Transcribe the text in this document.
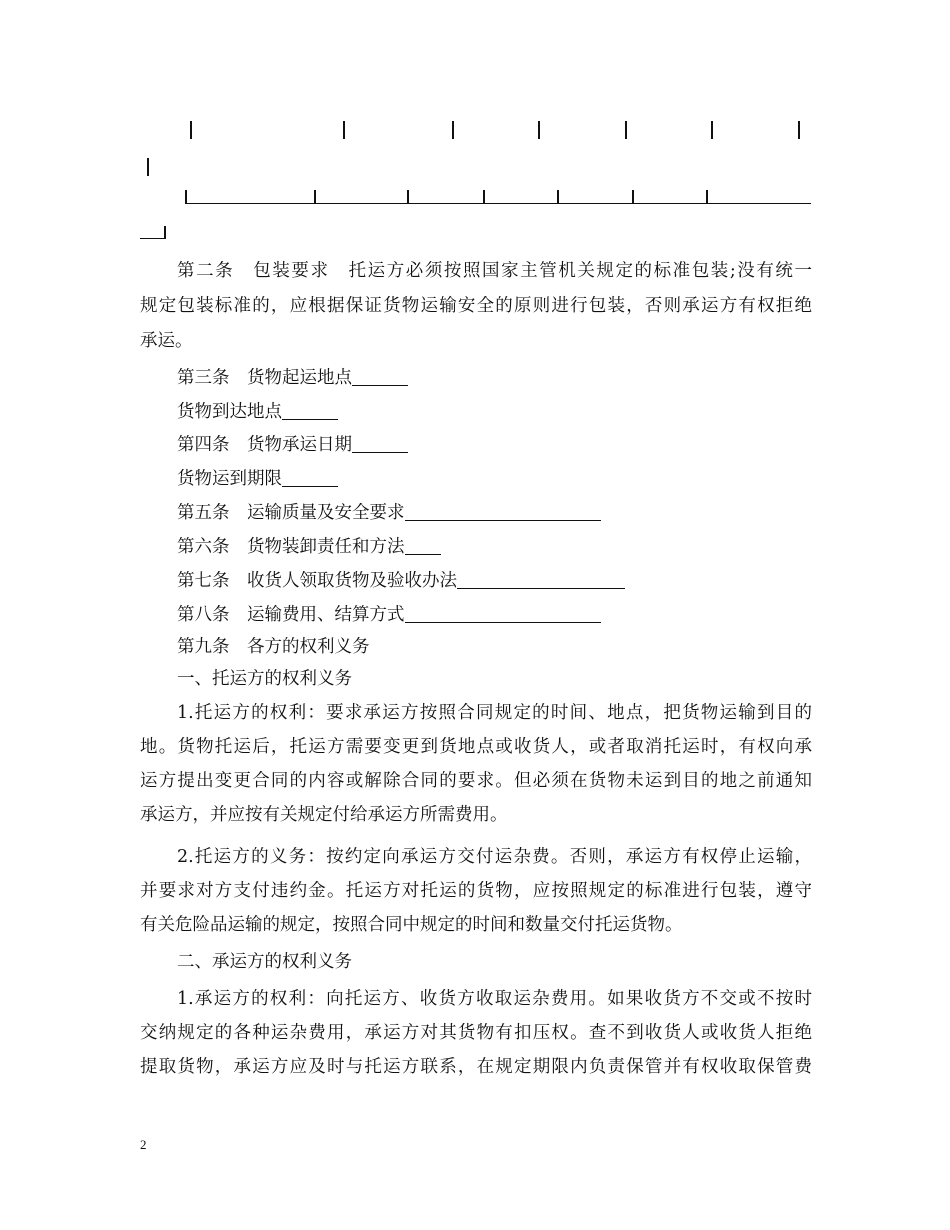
第二条　包装要求　托运方必须按照国家主管机关规定的标准包装;没有统一
规定包装标准的，应根据保证货物运输安全的原则进行包装，否则承运方有权拒绝
承运。
第三条　货物起运地点
货物到达地点
第四条　货物承运日期
货物运到期限
第五条　运输质量及安全要求
第六条　货物装卸责任和方法
第七条　收货人领取货物及验收办法
第八条　运输费用、结算方式
第九条　各方的权利义务
一、托运方的权利义务
1.托运方的权利：要求承运方按照合同规定的时间、地点，把货物运输到目的
地。货物托运后，托运方需要变更到货地点或收货人，或者取消托运时，有权向承
运方提出变更合同的内容或解除合同的要求。但必须在货物未运到目的地之前通知
承运方，并应按有关规定付给承运方所需费用。
2.托运方的义务：按约定向承运方交付运杂费。否则，承运方有权停止运输，
并要求对方支付违约金。托运方对托运的货物，应按照规定的标准进行包装，遵守
有关危险品运输的规定，按照合同中规定的时间和数量交付托运货物。
二、承运方的权利义务
1.承运方的权利：向托运方、收货方收取运杂费用。如果收货方不交或不按时
交纳规定的各种运杂费用，承运方对其货物有扣压权。查不到收货人或收货人拒绝
提取货物，承运方应及时与托运方联系，在规定期限内负责保管并有权收取保管费
2
